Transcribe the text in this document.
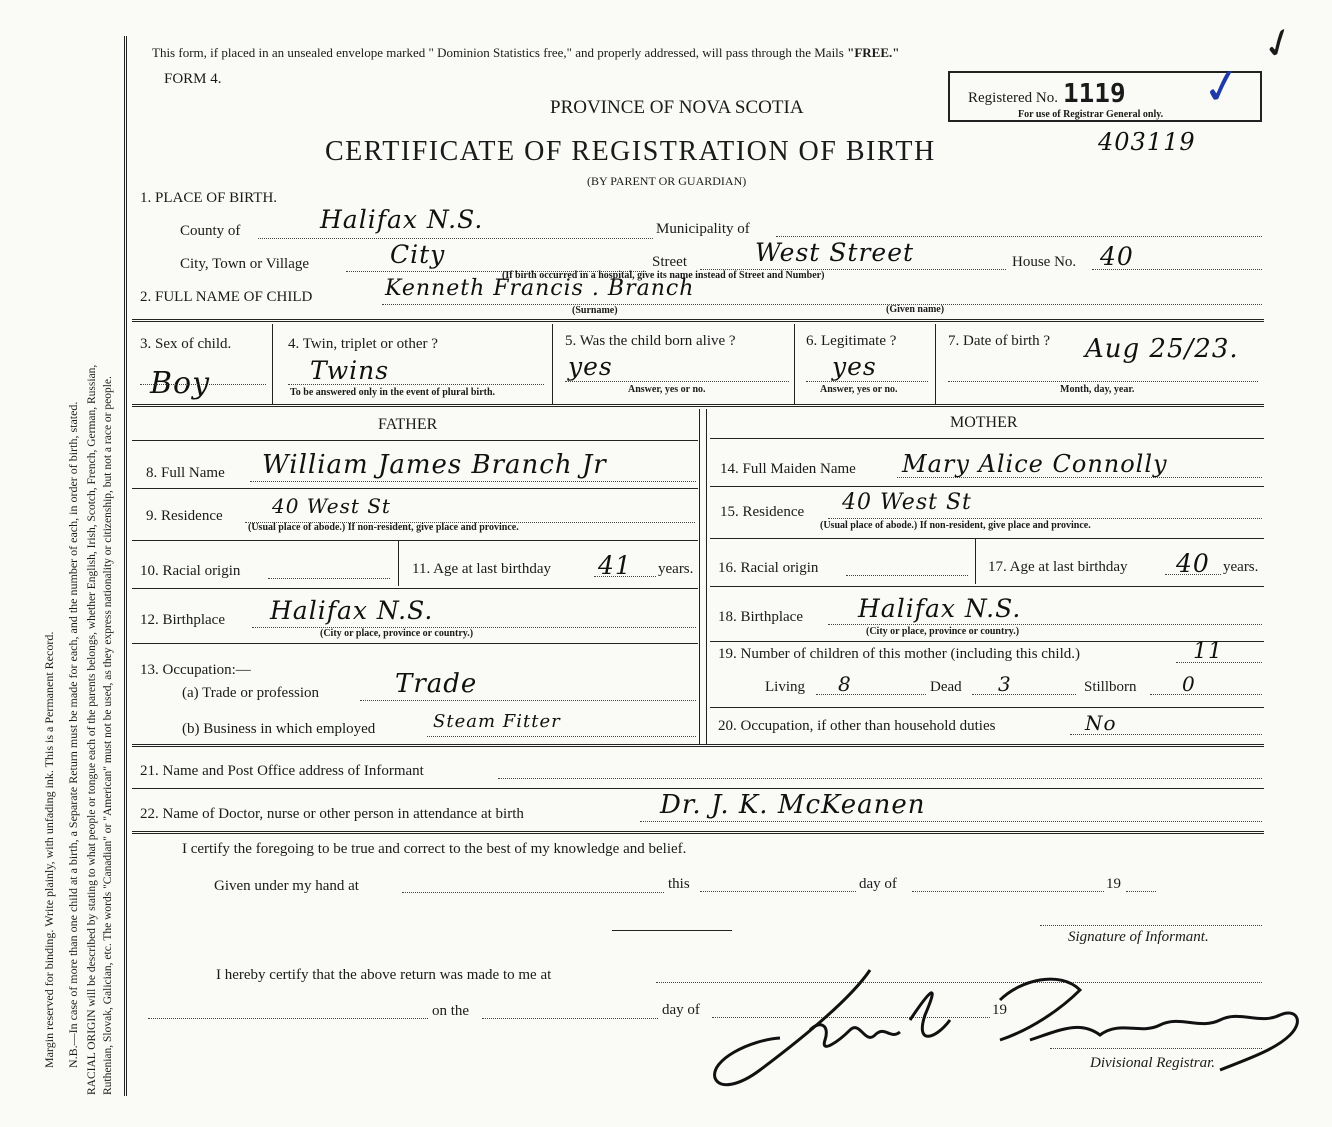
Margin reserved for binding. Write plainly, with unfading ink. This is a Permanent Record. N.B.—In case of more than one child at a birth, a Separate Return must be made for each, and the number of each, in order of birth, stated. RACIAL ORIGIN will be described by stating to what people or tongue each of the parents belongs, whether English, Irish, Scotch, French, German, Russian, Ruthenian, Slovak, Galician, etc. The words "Canadian" or "American" must not be used, as they express nationality or citizenship, but not a race or people.
✓
This form, if placed in an unsealed envelope marked " Dominion Statistics free," and properly addressed, will pass through the Mails "FREE."
FORM 4.
PROVINCE OF NOVA SCOTIA
CERTIFICATE OF REGISTRATION OF BIRTH
(BY PARENT OR GUARDIAN)
Registered No. 1119
For use of Registrar General only. ✓
403119
1. PLACE OF BIRTH.
County of	Halifax N.S.	Municipality of
City, Town or Village	City	Street	West Street	House No. 40
(If birth occurred in a hospital, give its name instead of Street and Number)
2. FULL NAME OF CHILD	Kenneth Francis . Branch
(Surname)	(Given name)
3. Sex of child.
Boy
4. Twin, triplet or other ?
Twins
To be answered only in the event of plural birth.
5. Was the child born alive ?
yes
Answer, yes or no.
6. Legitimate ?
yes
Answer, yes or no.
7. Date of birth ? Aug 25/23.
Month, day, year.
FATHER	MOTHER
8. Full Name William James Branch Jr	14. Full Maiden Name Mary Alice Connolly
9. Residence 40 West St
(Usual place of abode.) If non-resident, give place and province.
15. Residence 40 West St
(Usual place of abode.) If non-resident, give place and province.
10. Racial origin	11. Age at last birthday 41 years. 16. Racial origin	17. Age at last birthday 40 years.
12. Birthplace Halifax N.S.
(City or place, province or country.)
18. Birthplace Halifax N.S.
(City or place, province or country.)
13. Occupation:—
(a) Trade or profession	Trade
(b) Business in which employed	Steam Fitter
19. Number of children of this mother (including this child.)	11
Living 8	Dead 3	Stillborn 0
20. Occupation, if other than household duties	No
21. Name and Post Office address of Informant
22. Name of Doctor, nurse or other person in attendance at birth	Dr. J. K. McKeanen
I certify the foregoing to be true and correct to the best of my knowledge and belief.
Given under my hand at	this	day of	19
Signature of Informant.
I hereby certify that the above return was made to me at
on the	day of	19
Divisional Registrar.
